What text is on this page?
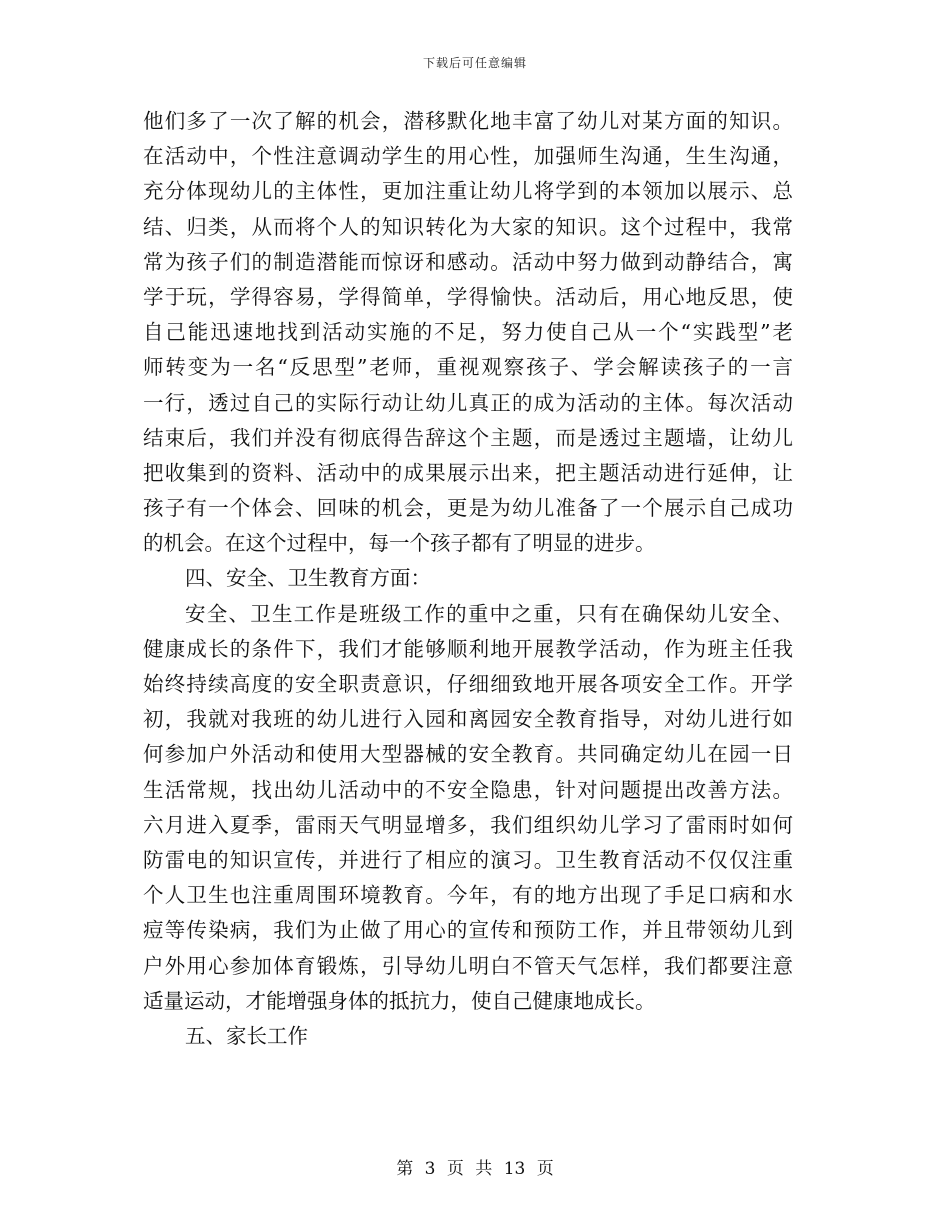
下载后可任意编辑
他们多了一次了解的机会，潜移默化地丰富了幼儿对某方面的知识。
在活动中，个性注意调动学生的用心性，加强师生沟通，生生沟通，
充分体现幼儿的主体性，更加注重让幼儿将学到的本领加以展示、总
结、归类，从而将个人的知识转化为大家的知识。这个过程中，我常
常为孩子们的制造潜能而惊讶和感动。活动中努力做到动静结合，寓
学于玩，学得容易，学得简单，学得愉快。活动后，用心地反思，使
自己能迅速地找到活动实施的不足，努力使自己从一个“实践型”老
师转变为一名“反思型”老师，重视观察孩子、学会解读孩子的一言
一行，透过自己的实际行动让幼儿真正的成为活动的主体。每次活动
结束后，我们并没有彻底得告辞这个主题，而是透过主题墙，让幼儿
把收集到的资料、活动中的成果展示出来，把主题活动进行延伸，让
孩子有一个体会、回味的机会，更是为幼儿准备了一个展示自己成功
的机会。在这个过程中，每一个孩子都有了明显的进步。
四、安全、卫生教育方面：
安全、卫生工作是班级工作的重中之重，只有在确保幼儿安全、
健康成长的条件下，我们才能够顺利地开展教学活动，作为班主任我
始终持续高度的安全职责意识，仔细细致地开展各项安全工作。开学
初，我就对我班的幼儿进行入园和离园安全教育指导，对幼儿进行如
何参加户外活动和使用大型器械的安全教育。共同确定幼儿在园一日
生活常规，找出幼儿活动中的不安全隐患，针对问题提出改善方法。
六月进入夏季，雷雨天气明显增多，我们组织幼儿学习了雷雨时如何
防雷电的知识宣传，并进行了相应的演习。卫生教育活动不仅仅注重
个人卫生也注重周围环境教育。今年，有的地方出现了手足口病和水
痘等传染病，我们为止做了用心的宣传和预防工作，并且带领幼儿到
户外用心参加体育锻炼，引导幼儿明白不管天气怎样，我们都要注意
适量运动，才能增强身体的抵抗力，使自己健康地成长。
五、家长工作
第 3 页 共 13 页
